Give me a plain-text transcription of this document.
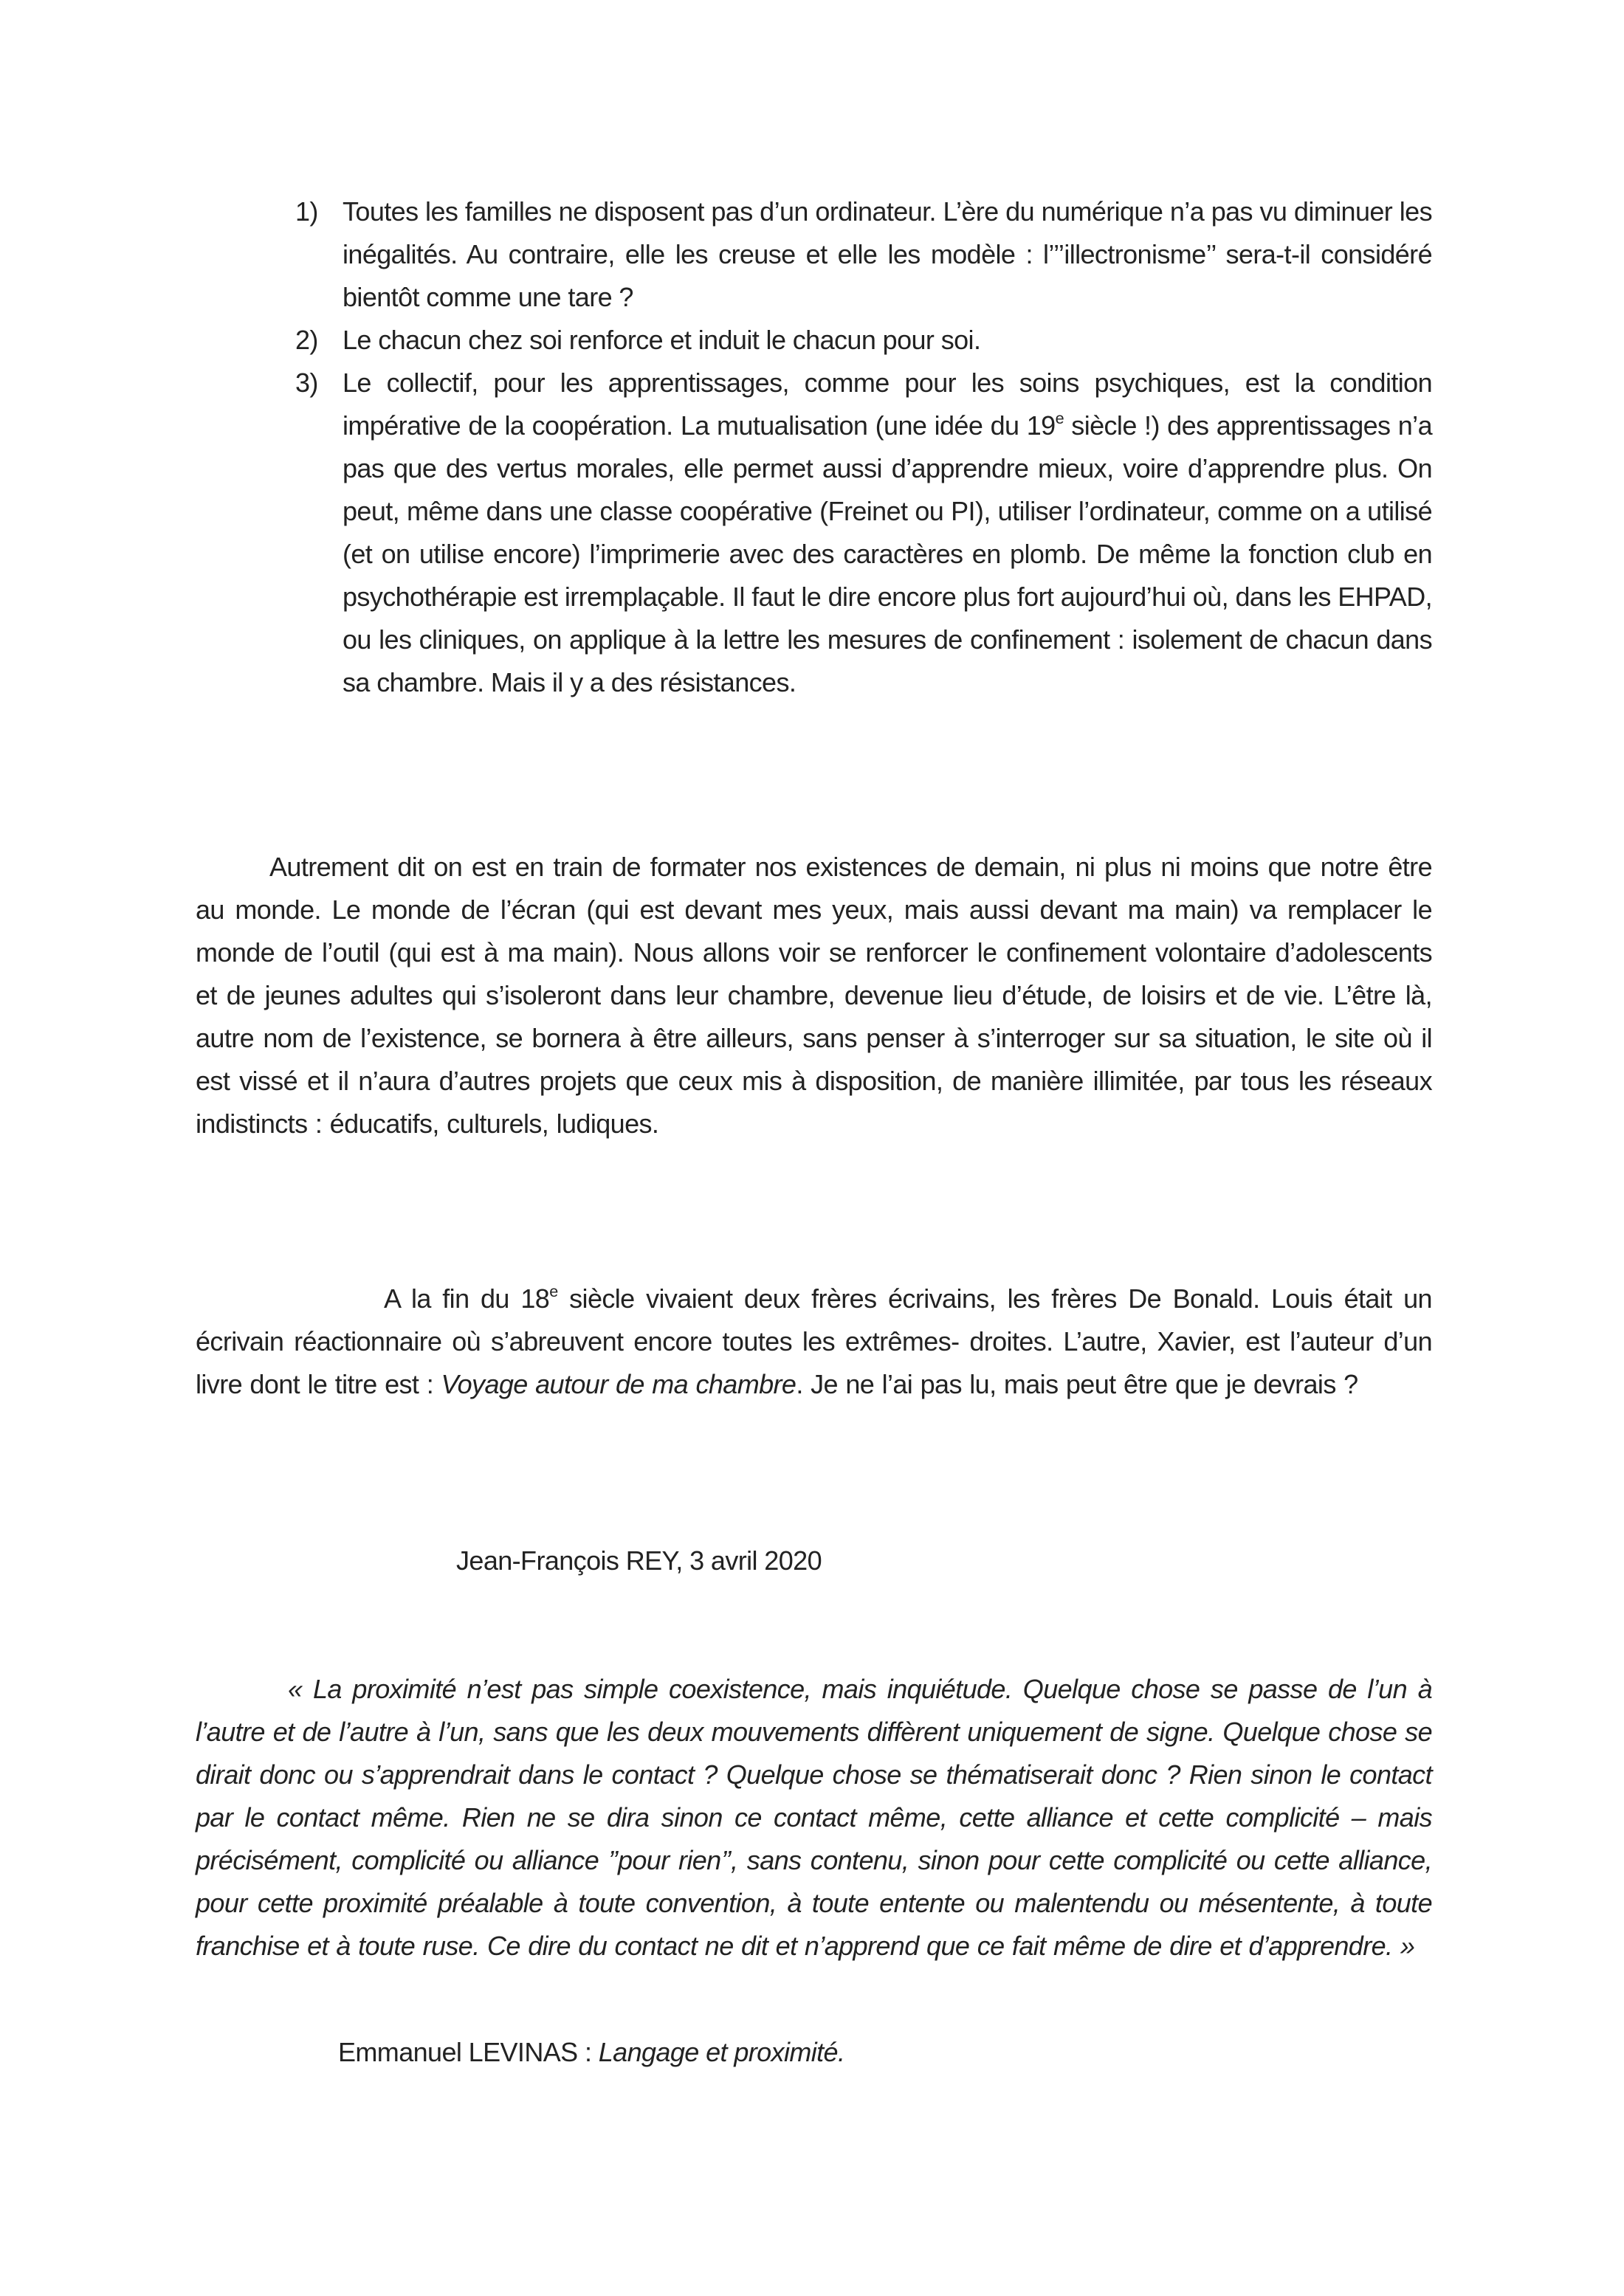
1) Toutes les familles ne disposent pas d’un ordinateur. L’ère du numérique n’a pas vu diminuer les inégalités. Au contraire, elle les creuse et elle les modèle : l’’’illectronisme’’ sera-t-il considéré bientôt comme une tare ?
2) Le chacun chez soi renforce et induit le chacun pour soi.
3) Le collectif, pour les apprentissages, comme pour les soins psychiques, est la condition impérative de la coopération. La mutualisation (une idée du 19e siècle !) des apprentissages n’a pas que des vertus morales, elle permet aussi d’apprendre mieux, voire d’apprendre plus. On peut, même dans une classe coopérative (Freinet ou PI), utiliser l’ordinateur, comme on a utilisé (et on utilise encore) l’imprimerie avec des caractères en plomb. De même la fonction club en psychothérapie est irremplaçable. Il faut le dire encore plus fort aujourd’hui où, dans les EHPAD, ou les cliniques, on applique à la lettre les mesures de confinement : isolement de chacun dans sa chambre. Mais il y a des résistances.

Autrement dit on est en train de formater nos existences de demain, ni plus ni moins que notre être au monde. Le monde de l’écran (qui est devant mes yeux, mais aussi devant ma main) va remplacer le monde de l’outil (qui est à ma main). Nous allons voir se renforcer le confinement volontaire d’adolescents et de jeunes adultes qui s’isoleront dans leur chambre, devenue lieu d’étude, de loisirs et de vie. L’être là, autre nom de l’existence, se bornera à être ailleurs, sans penser à s’interroger sur sa situation, le site où il est vissé et il n’aura d’autres projets que ceux mis à disposition, de manière illimitée, par tous les réseaux indistincts : éducatifs, culturels, ludiques.

A la fin du 18e siècle vivaient deux frères écrivains, les frères De Bonald. Louis était un écrivain réactionnaire où s’abreuvent encore toutes les extrêmes- droites. L’autre, Xavier, est l’auteur d’un livre dont le titre est : Voyage autour de ma chambre. Je ne l’ai pas lu, mais peut être que je devrais ?

Jean-François REY, 3 avril 2020

« La proximité n’est pas simple coexistence, mais inquiétude. Quelque chose se passe de l’un à l’autre et de l’autre à l’un, sans que les deux mouvements diffèrent uniquement de signe. Quelque chose se dirait donc ou s’apprendrait dans le contact ? Quelque chose se thématiserait donc ? Rien sinon le contact par le contact même. Rien ne se dira sinon ce contact même, cette alliance et cette complicité – mais précisément, complicité ou alliance ’’pour rien’’, sans contenu, sinon pour cette complicité ou cette alliance, pour cette proximité préalable à toute convention, à toute entente ou malentendu ou mésentente, à toute franchise et à toute ruse. Ce dire du contact ne dit et n’apprend que ce fait même de dire et d’apprendre. »

Emmanuel LEVINAS : Langage et proximité.
